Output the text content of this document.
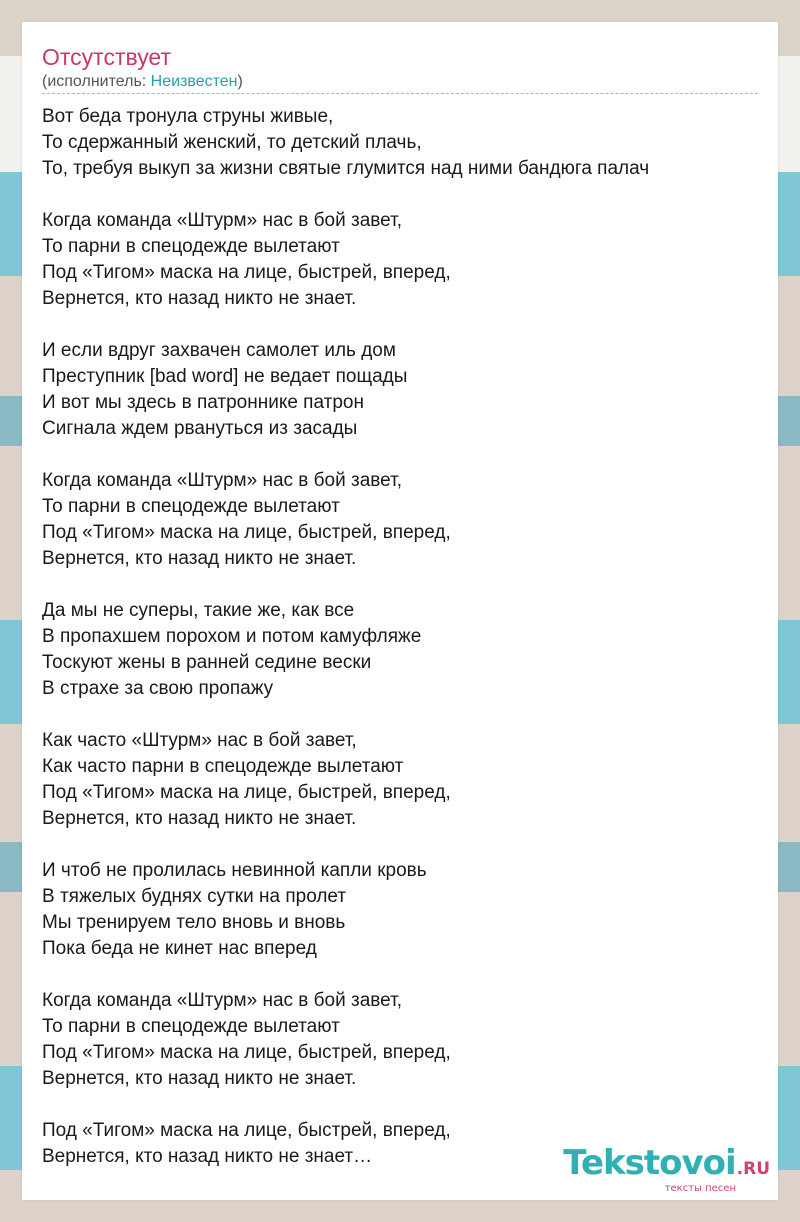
Отсутствует
(исполнитель: Неизвестен)
Вот беда тронула струны живые,
То сдержанный женский, то детский плачь,
То, требуя выкуп за жизни святые глумится над ними бандюга палач
Когда команда «Штурм» нас в бой завет,
То парни в спецодежде вылетают
Под «Тигом» маска на лице, быстрей, вперед,
Вернется, кто назад никто не знает.
И если вдруг захвачен самолет иль дом
Преступник [bad word] не ведает пощады
И вот мы здесь в патроннике патрон
Сигнала ждем рвануться из засады
Когда команда «Штурм» нас в бой завет,
То парни в спецодежде вылетают
Под «Тигом» маска на лице, быстрей, вперед,
Вернется, кто назад никто не знает.
Да мы не суперы, такие же, как все
В пропахшем порохом и потом камуфляже
Тоскуют жены в ранней седине вески
В страхе за свою пропажу
Как часто «Штурм» нас в бой завет,
Как часто парни в спецодежде вылетают
Под «Тигом» маска на лице, быстрей, вперед,
Вернется, кто назад никто не знает.
И чтоб не пролилась невинной капли кровь
В тяжелых буднях сутки на пролет
Мы тренируем тело вновь и вновь
Пока беда не кинет нас вперед
Когда команда «Штурм» нас в бой завет,
То парни в спецодежде вылетают
Под «Тигом» маска на лице, быстрей, вперед,
Вернется, кто назад никто не знает.
Под «Тигом» маска на лице, быстрей, вперед,
Вернется, кто назад никто не знает…	Tekstovoi.RU
тексты песен
